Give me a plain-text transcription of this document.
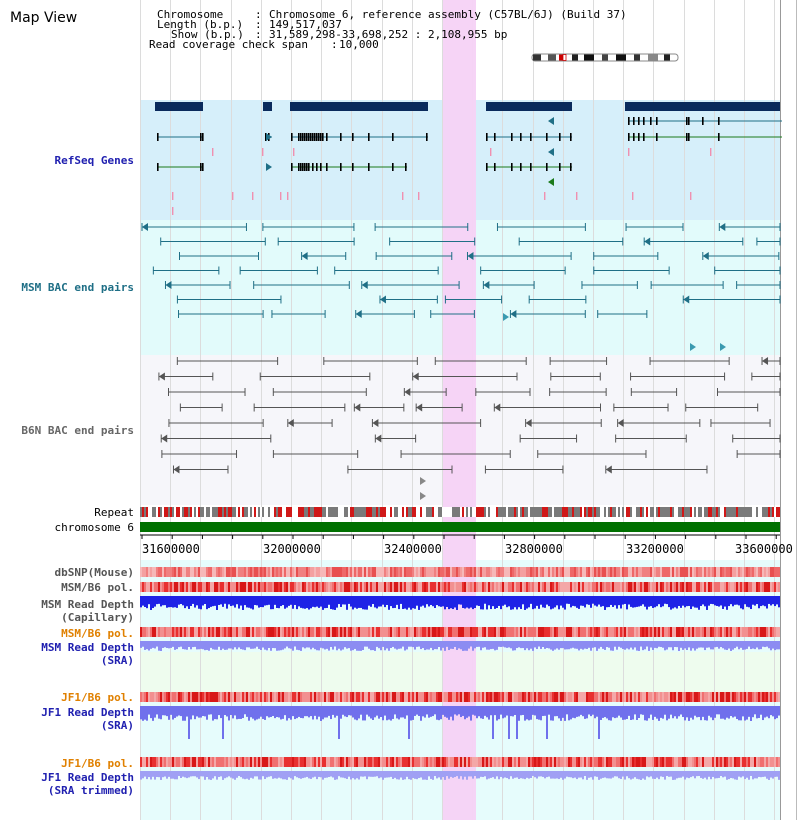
Map View	Chromosome	: Chromosome 6, reference assembly (C57BL/6J) (Build 37)
Length (b.p.) : 149,517,037
Show (b.p.) : 31,589,298-33,698,252 : 2,108,955 bp
Read coverage check span : 10,000
RefSeq Genes
MSM BAC end pairs
B6N BAC end pairs
Repeat
chromosome 6
dbSNP(Mouse)
MSM/B6 pol.
MSM Read Depth
(Capillary)
MSM/B6 pol.
MSM Read Depth
(SRA)
JF1/B6 pol.
JF1 Read Depth
(SRA)
JF1/B6 pol.
JF1 Read Depth
(SRA trimmed)
31600000	32000000	32400000	32800000	33200000	33600000
